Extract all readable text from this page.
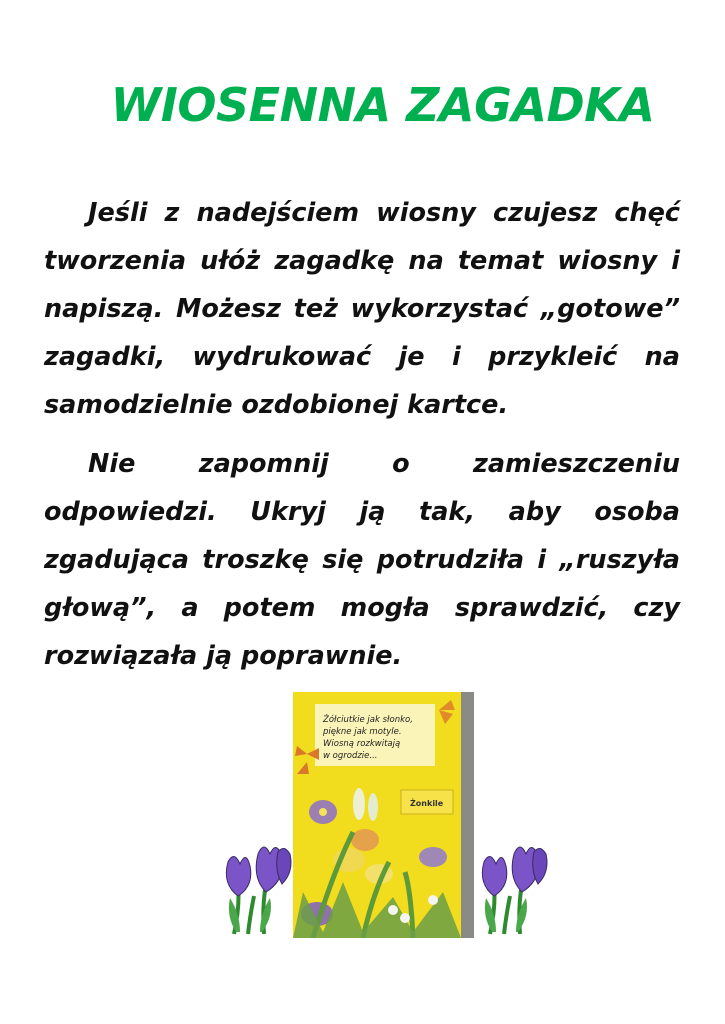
WIOSENNA ZAGADKA

Jeśli z nadejściem wiosny czujesz chęć tworzenia ułóż zagadkę na temat wiosny i napiszą. Możesz też wykorzystać „gotowe” zagadki, wydrukować je i przykleić na samodzielnie ozdobionej kartce.

Nie zapomnij o zamieszczeniu odpowiedzi. Ukryj ją tak, aby osoba zgadująca troszkę się potrudziła i „ruszyła głową”, a potem mogła sprawdzić, czy rozwiązała ją poprawnie.

Żółciutkie jak słonko,
piękne jak motyle.
Wiosną rozkwitają
w ogrodzie...
Żonkile
